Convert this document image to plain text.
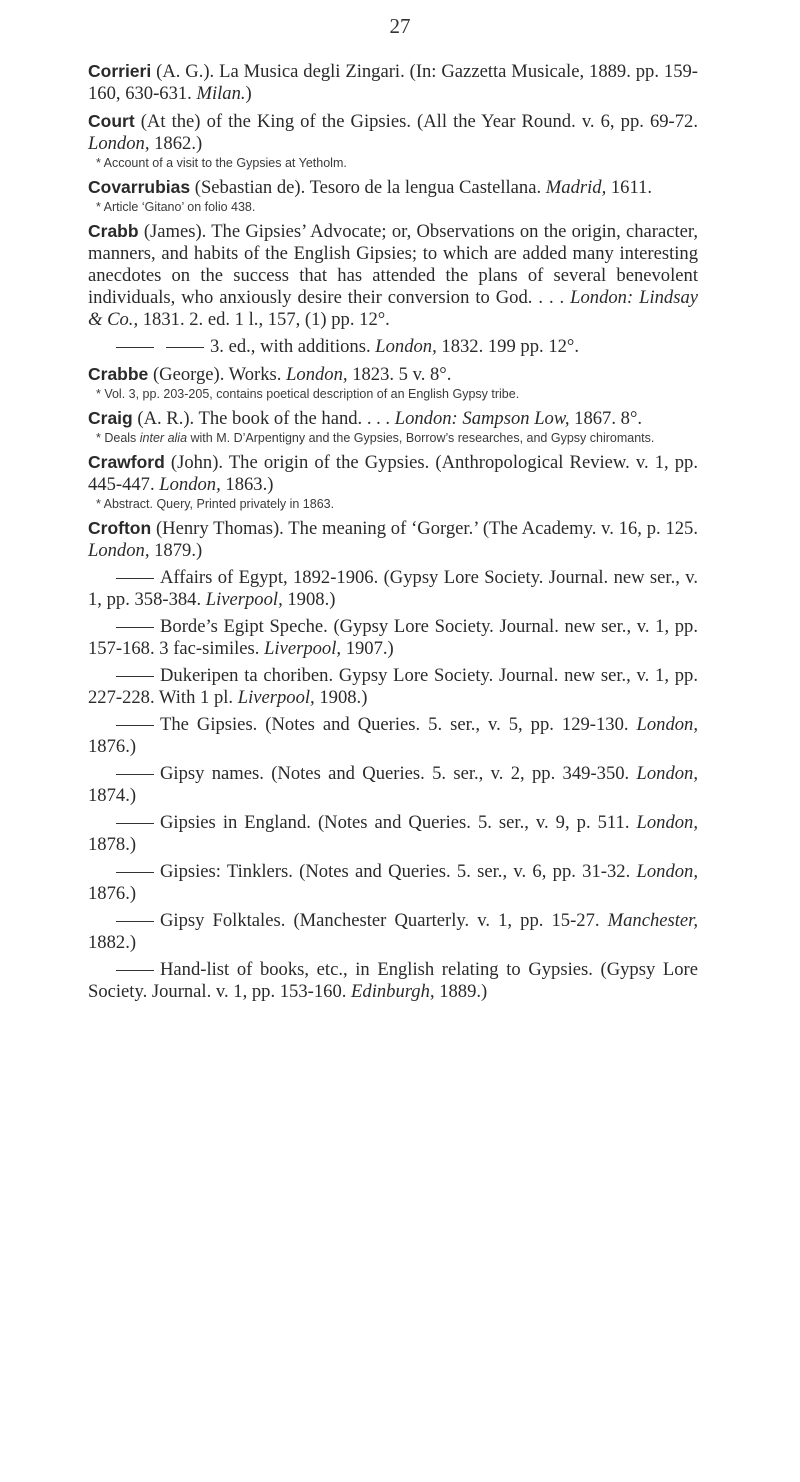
27

Corrieri (A. G.). La Musica degli Zingari. (In: Gazzetta Musicale, 1889. pp. 159-160, 630-631. Milan.)

Court (At the) of the King of the Gipsies. (All the Year Round. v. 6, pp. 69-72. London, 1862.)
* Account of a visit to the Gypsies at Yetholm.
Covarrubias (Sebastian de). Tesoro de la lengua Castellana. Madrid, 1611.
* Article ‘Gitano’ on folio 438.

Crabb (James). The Gipsies’ Advocate; or, Observations on the origin, character, manners, and habits of the English Gipsies; to which are added many interesting anecdotes on the success that has attended the plans of several benevolent individuals, who anxiously desire their conversion to God. . . . London: Lindsay & Co., 1831. 2. ed. 1 l., 157, (1) pp. 12°.

3. ed., with additions. London, 1832. 199 pp. 12°.

Crabbe (George). Works. London, 1823. 5 v. 8°.
* Vol. 3, pp. 203-205, contains poetical description of an English Gypsy tribe.
Craig (A. R.). The book of the hand. . . . London: Sampson Low, 1867. 8°.
* Deals inter alia with M. D’Arpentigny and the Gypsies, Borrow’s researches, and Gypsy chiromants.
Crawford (John). The origin of the Gypsies. (Anthropological Review. v. 1, pp. 445-447. London, 1863.)
* Abstract. Query, Printed privately in 1863.

Crofton (Henry Thomas). The meaning of ‘Gorger.’ (The Academy. v. 16, p. 125. London, 1879.)

Affairs of Egypt, 1892-1906. (Gypsy Lore Society. Journal. new ser., v. 1, pp. 358-384. Liverpool, 1908.)

Borde’s Egipt Speche. (Gypsy Lore Society. Journal. new ser., v. 1, pp. 157-168. 3 fac-similes. Liverpool, 1907.)

Dukeripen ta choriben. Gypsy Lore Society. Journal. new ser., v. 1, pp. 227-228. With 1 pl. Liverpool, 1908.)

The Gipsies. (Notes and Queries. 5. ser., v. 5, pp. 129-130. London, 1876.)

Gipsy names. (Notes and Queries. 5. ser., v. 2, pp. 349-350. London, 1874.)

Gipsies in England. (Notes and Queries. 5. ser., v. 9, p. 511. London, 1878.)

Gipsies: Tinklers. (Notes and Queries. 5. ser., v. 6, pp. 31-32. London, 1876.)

Gipsy Folktales. (Manchester Quarterly. v. 1, pp. 15-27. Manchester, 1882.)

Hand-list of books, etc., in English relating to Gypsies. (Gypsy Lore Society. Journal. v. 1, pp. 153-160. Edinburgh, 1889.)
